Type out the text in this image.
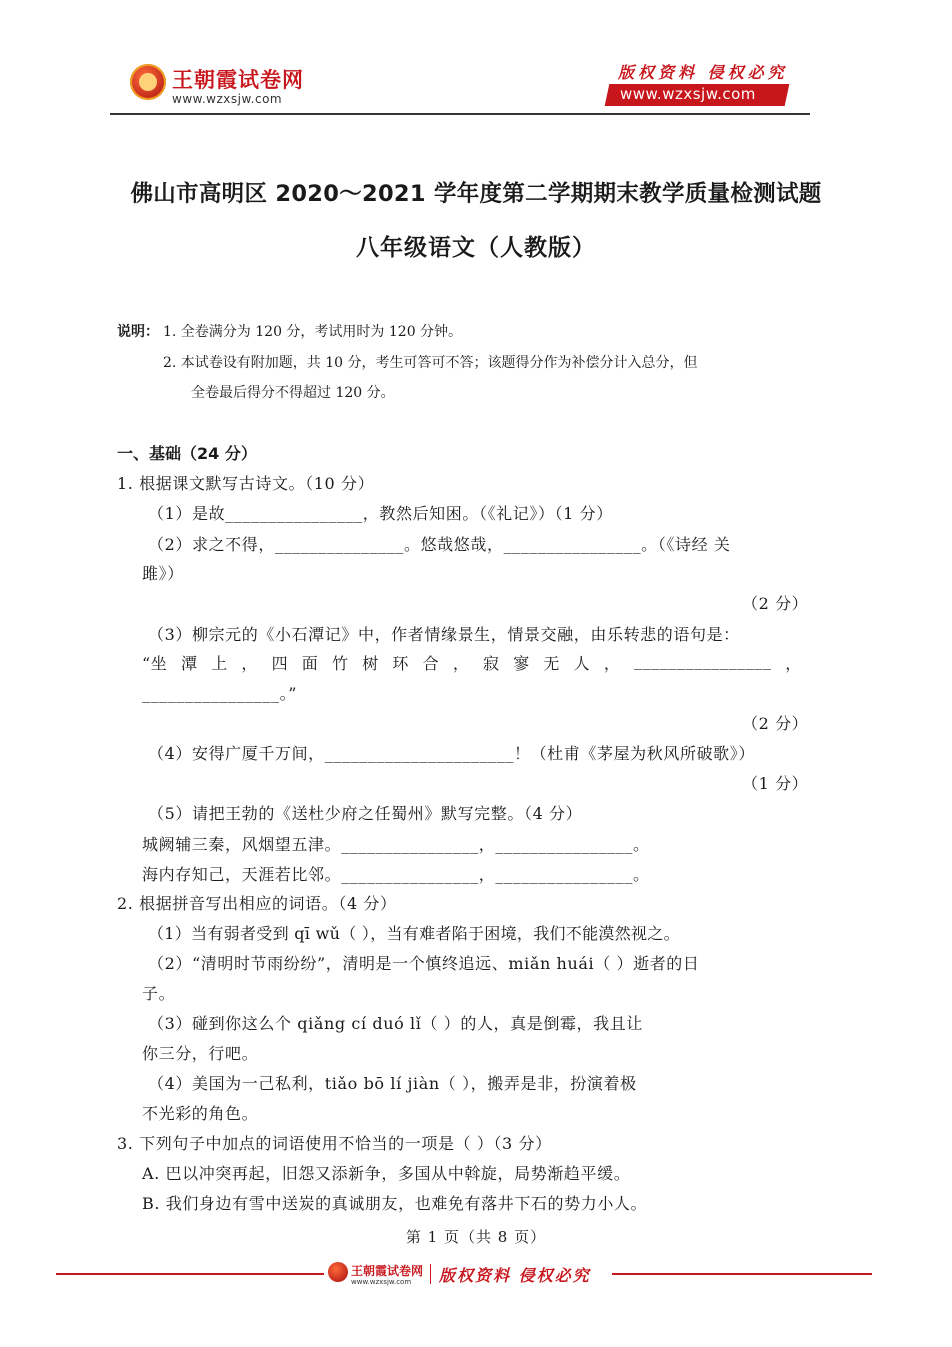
王朝霞试卷网
www.wzxsjw.com
版权资料 侵权必究
www.wzxsjw.com
佛山市高明区 2020～2021 学年度第二学期期末教学质量检测试题
八年级语文（人教版）
说明： 1. 全卷满分为 120 分，考试用时为 120 分钟。
2. 本试卷设有附加题，共 10 分，考生可答可不答；该题得分作为补偿分计入总分，但
全卷最后得分不得超过 120 分。
一、基础（24 分）
1. 根据课文默写古诗文。（10 分）
（1）是故________________，教然后知困。（《礼记》）（1 分）
（2）求之不得，_______________。悠哉悠哉，________________。（《诗经 关
雎》）
（2 分）
（3）柳宗元的《小石潭记》中，作者情缘景生，情景交融，由乐转悲的语句是：
“坐 潭 上 ， 四 面 竹 树 环 合 ， 寂 寥 无 人 ， ________________ ，
________________。”
（2 分）
（4）安得广厦千万间，______________________！（杜甫《茅屋为秋风所破歌》）
（1 分）
（5）请把王勃的《送杜少府之任蜀州》默写完整。（4 分）
城阙辅三秦，风烟望五津。________________，________________。
海内存知己，天涯若比邻。________________，________________。
2. 根据拼音写出相应的词语。（4 分）
（1）当有弱者受到 qī wǔ（ ），当有难者陷于困境，我们不能漠然视之。
（2）“清明时节雨纷纷”，清明是一个慎终追远、miǎn huái（ ）逝者的日
子。
（3）碰到你这么个 qiǎng cí duó lǐ（ ）的人，真是倒霉，我且让
你三分，行吧。
（4）美国为一己私利，tiǎo bō lí jiàn（ ），搬弄是非，扮演着极
不光彩的角色。
3. 下列句子中加点的词语使用不恰当的一项是（ ）（3 分）
A. 巴以冲突再起，旧怨又添新争，多国从中斡旋，局势渐趋平缓。
B. 我们身边有雪中送炭的真诚朋友，也难免有落井下石的势力小人。
第 1 页（共 8 页）
王朝霞试卷网
www.wzxsjw.com 版权资料 侵权必究
